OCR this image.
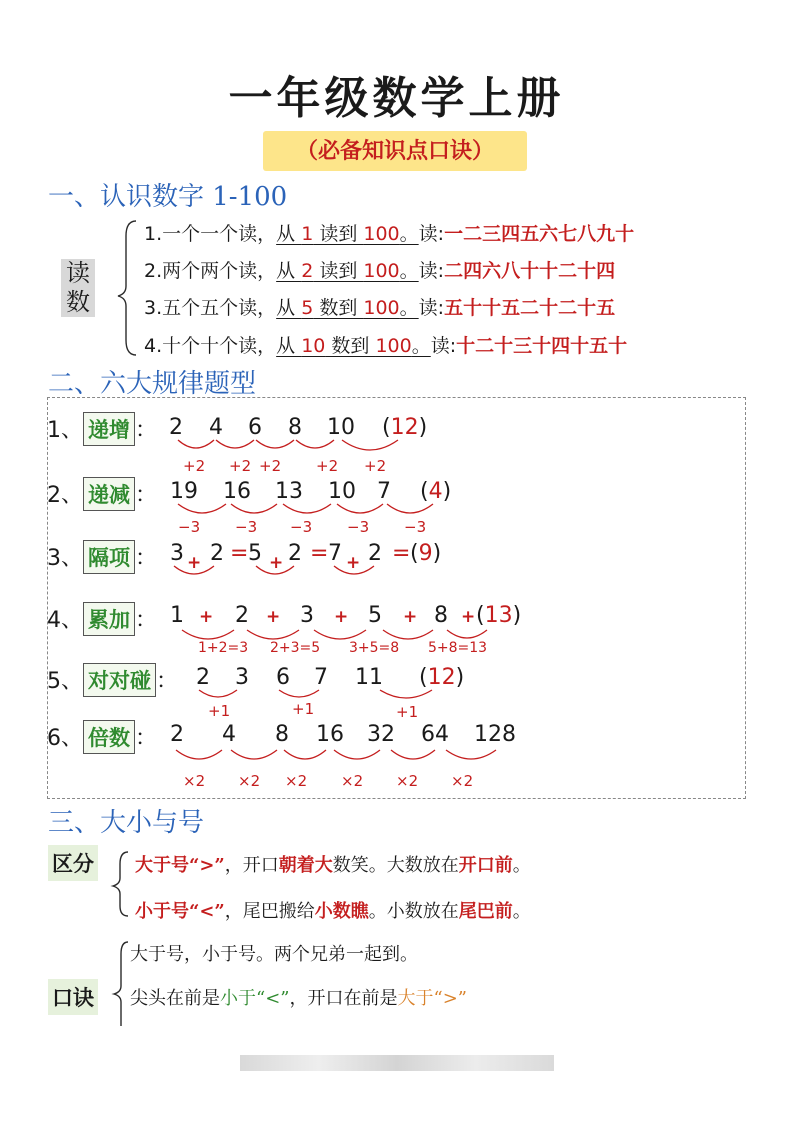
一年级数学上册
（必备知识点口诀）
一、认识数字 1-100
读
数
1.一个一个读，从 1 读到 100。读:一二三四五六七八九十
2.两个两个读，从 2 读到 100。读:二四六八十十二十四
3.五个五个读，从 5 数到 100。读:五十十五二十二十五
4.十个十个读，从 10 数到 100。读:十二十三十四十五十
二、六大规律题型
1、 递增 ： 2 4 6 8 10 (12)
+2 +2 +2 +2 +2
2、 递减 ： 19 16 13 10 7 (4)
−3 −3 −3 −3 −3
3、 隔项 ： 3 2 = 5 2 = 7 2 = (9)
+	+	+
4、 累加 ： 1 2 3 5 8 (13)
+	+	+	+	+
1+2=3 2+3=5 3+5=8 5+8=13
5、 对对碰 ： 2 3 6 7 11 (12)
+1	+1	+1
6、 倍数 ： 2 4 8 16 32 64 128
×2 ×2 ×2 ×2 ×2 ×2
三、大小与号
区分 大于号“>”，开口朝着大数笑。大数放在开口前。
小于号“<”，尾巴搬给小数瞧。小数放在尾巴前。
口诀
大于号，小于号。两个兄弟一起到。
尖头在前是小于“<”，开口在前是大于“>”
